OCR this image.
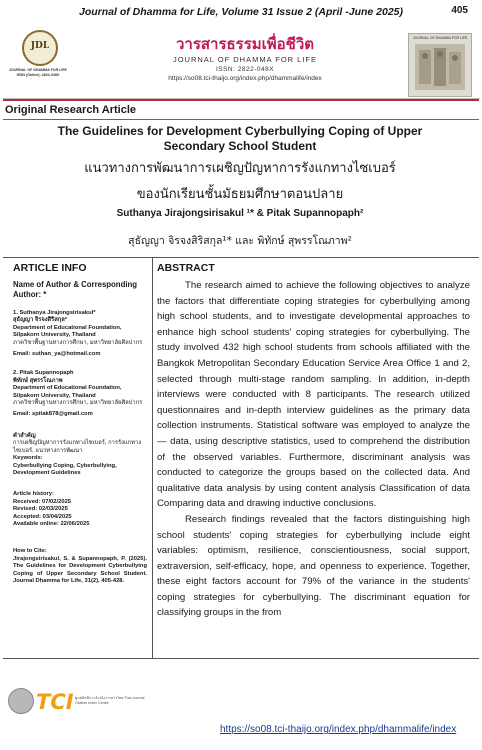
Journal of Dhamma for Life, Volume 31 Issue 2 (April -June 2025)	405
JDL
JOURNAL OF DHAMMA FOR LIFE ISSN (Online): 2822-048X
วารสารธรรมเพื่อชีวิต
JOURNAL OF DHAMMA FOR LIFE
ISSN: 2822-048X
https://so08.tci-thaijo.org/index.php/dhammalife/index
JOURNAL OF DHAMMA FOR LIFE
Original Research Article
The Guidelines for Development Cyberbullying Coping of Upper Secondary School Student
แนวทางการพัฒนาการเผชิญปัญหาการรังแกทางไซเบอร์
ของนักเรียนชั้นมัธยมศึกษาตอนปลาย
Suthanya Jirajongsirisakul ¹* & Pitak Supannopaph²
สุธัญญา จิรจงสิริสกุล¹* และ พิทักษ์ สุพรรโณภาพ²
ARTICLE INFO
Name of Author & Corresponding Author: *
1. Suthanya Jirajongsirisakul*
สุธัญญา จิรจงสิริสกุล*
Department of Educational Foundation, Silpakorn University, Thailand
ภาควิชาพื้นฐานทางการศึกษา, มหาวิทยาลัยศิลปากร
Email: suthan_ya@hotmail.com
2. Pitak Supannopaph
พิทักษ์ สุพรรโณภาพ
Department of Educational Foundation, Silpakorn University, Thailand
ภาควิชาพื้นฐานทางการศึกษา, มหาวิทยาลัยศิลปากร
Email: spitak878@gmail.com
คำสำคัญ
การเผชิญปัญหาการรังแกทางไซเบอร์, การรังแกทางไซเบอร์, แนวทางการพัฒนา
Keywords:
Cyberbullying Coping, Cyberbullying, Development Guidelines
Article history:
Received: 07/02/2025
Revised: 02/03/2025
Accepted: 03/04/2025
Available online: 22/06/2025
How to Cite:
Jirajongsirisakul, S. & Supannopaph, P. (2025). The Guidelines for Development Cyberbullying Coping of Upper Secondary School Student. Journal Dhamma for Life, 31(2), 405-428.
ABSTRACT

The research aimed to achieve the following objectives to analyze the factors that differentiate coping strategies for cyberbullying among high school students, and to investigate developmental approaches to enhance high school students' coping strategies for cyberbullying. The study involved 432 high school students from schools affiliated with the Bangkok Metropolitan Secondary Education Service Area Office 1 and 2, selected through multi-stage random sampling. In addition, in-depth interviews were conducted with 8 participants. The research utilized questionnaires and in-depth interview guidelines as the primary data collection instruments. Statistical software was employed to analyze the— data, using descriptive statistics, used to comprehend the distribution of the observed variables. Furthermore, discriminant analysis was conducted to categorize the groups based on the collected data. And qualitative data analysis by using content analysis Classification of data Comparing data and drawing inductive conclusions.

Research findings revealed that the factors distinguishing high school students' coping strategies for cyberbullying include eight variables: optimism, resilience, conscientiousness, social support, extraversion, self-efficacy, hope, and openness to experience. Together, these eight factors account for 79% of the variance in the students' coping strategies for cyberbullying. The discriminant equation for classifying groups in the from

TCI ศูนย์ดัชนีการอ้างอิงวารสารไทย Thai-Journal Citation Index Centre
https://so08.tci-thaijo.org/index.php/dhammalife/index
